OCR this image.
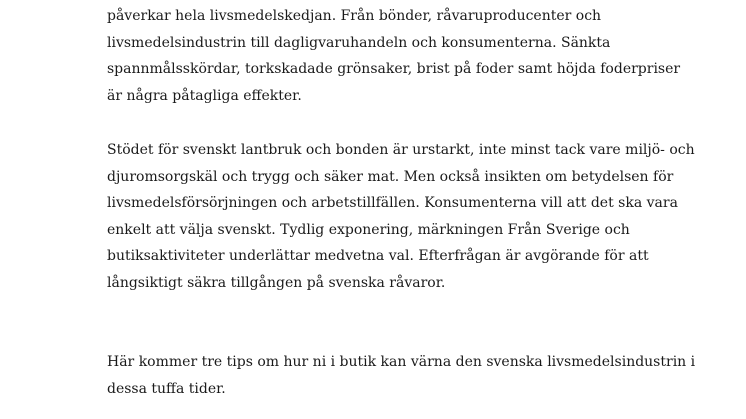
påverkar hela livsmedelskedjan. Från bönder, råvaruproducenter och
livsmedelsindustrin till dagligvaruhandeln och konsumenterna. Sänkta
spannmålsskördar, torkskadade grönsaker, brist på foder samt höjda foderpriser
är några påtagliga effekter.

Stödet för svenskt lantbruk och bonden är urstarkt, inte minst tack vare miljö- och
djuromsorgskäl och trygg och säker mat. Men också insikten om betydelsen för
livsmedelsförsörjningen och arbetstillfällen. Konsumenterna vill att det ska vara
enkelt att välja svenskt. Tydlig exponering, märkningen Från Sverige och
butiksaktiviteter underlättar medvetna val. Efterfrågan är avgörande för att
långsiktigt säkra tillgången på svenska råvaror.

Här kommer tre tips om hur ni i butik kan värna den svenska livsmedelsindustrin i
dessa tuffa tider.
